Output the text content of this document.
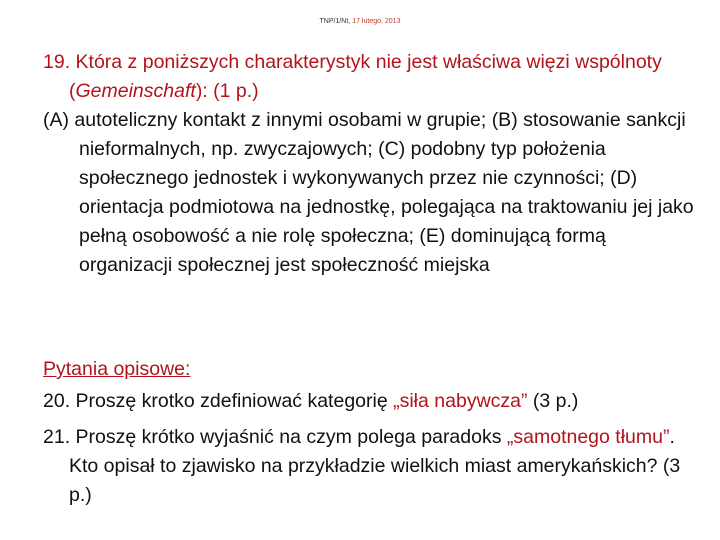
TNP/1/Nt, 17 lutego, 2013
19. Która z poniższych charakterystyk nie jest właściwa więzi wspólnoty (Gemeinschaft): (1 p.)
(A) autoteliczny kontakt z innymi osobami w grupie; (B) stosowanie sankcji nieformalnych, np. zwyczajowych; (C) podobny typ położenia społecznego jednostek i wykonywanych przez nie czynności; (D) orientacja podmiotowa na jednostkę, polegająca na traktowaniu jej jako pełną osobowość a nie rolę społeczna; (E) dominującą formą organizacji społecznej jest społeczność miejska
Pytania opisowe:
20. Proszę krotko zdefiniować kategorię „siła nabywcza” (3 p.)
21. Proszę krótko wyjaśnić na czym polega paradoks „samotnego tłumu”. Kto opisał to zjawisko na przykładzie wielkich miast amerykańskich? (3 p.)
